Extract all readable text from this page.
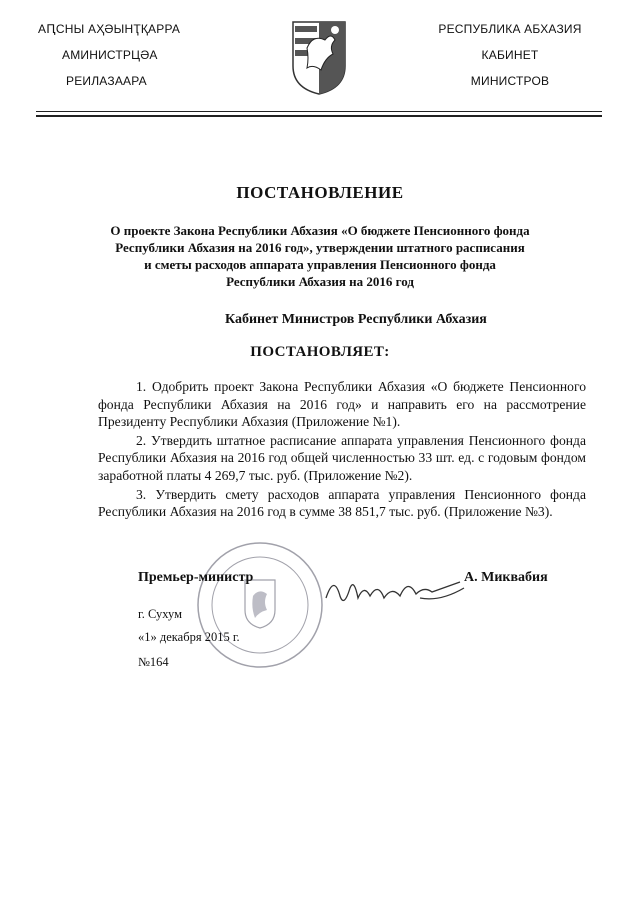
АԤСНЫ АҲӘЫНҬҚАРРА
АМИНИСТРЦӘА
РЕИЛАЗААРА
РЕСПУБЛИКА АБХАЗИЯ
КАБИНЕТ
МИНИСТРОВ
ПОСТАНОВЛЕНИЕ
О проекте Закона Республики Абхазия «О бюджете Пенсионного фонда Республики Абхазия на 2016 год», утверждении штатного расписания и сметы расходов аппарата управления Пенсионного фонда Республики Абхазия на 2016 год
Кабинет Министров Республики Абхазия
ПОСТАНОВЛЯЕТ:

1. Одобрить проект Закона Республики Абхазия «О бюджете Пенсионного фонда Республики Абхазия на 2016 год» и направить его на рассмотрение Президенту Республики Абхазия (Приложение №1).

2. Утвердить штатное расписание аппарата управления Пенсионного фонда Республики Абхазия на 2016 год общей численностью 33 шт. ед. с годовым фондом заработной платы 4 269,7 тыс. руб. (Приложение №2).

3. Утвердить смету расходов аппарата управления Пенсионного фонда Республики Абхазия на 2016 год в сумме 38 851,7 тыс. руб. (Приложение №3).

Премьер-министр	А. Миквабия
г. Сухум
«1» декабря 2015 г.
№164
